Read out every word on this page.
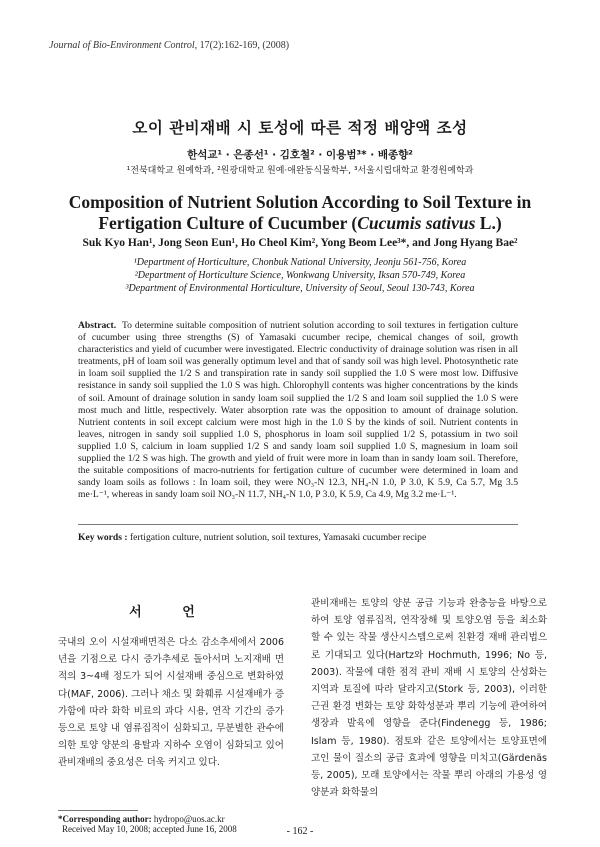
Journal of Bio-Environment Control, 17(2):162-169, (2008)
오이 관비재배 시 토성에 따른 적정 배양액 조성
한석교¹ · 은종선¹ · 김호철² · 이용범³* · 배종향²
¹전북대학교 원예학과, ²원광대학교 원예·애완동식물학부, ³서울시립대학교 환경원예학과
Composition of Nutrient Solution According to Soil Texture in
Fertigation Culture of Cucumber (Cucumis sativus L.)
Suk Kyo Han¹, Jong Seon Eun¹, Ho Cheol Kim², Yong Beom Lee³*, and Jong Hyang Bae²
¹Department of Horticulture, Chonbuk National University, Jeonju 561-756, Korea
²Department of Horticulture Science, Wonkwang University, Iksan 570-749, Korea
³Department of Environmental Horticulture, University of Seoul, Seoul 130-743, Korea
Abstract. To determine suitable composition of nutrient solution according to soil textures in fertigation culture of cucumber using three strengths (S) of Yamasaki cucumber recipe, chemical changes of soil, growth characteristics and yield of cucumber were investigated. Electric conductivity of drainage solution was risen in all treatments, pH of loam soil was generally optimum level and that of sandy soil was high level. Photosynthetic rate in loam soil supplied the 1/2 S and transpiration rate in sandy soil supplied the 1.0 S were most low. Diffusive resistance in sandy soil supplied the 1.0 S was high. Chlorophyll contents was higher concentrations by the kinds of soil. Amount of drainage solution in sandy loam soil supplied the 1/2 S and loam soil supplied the 1.0 S were most much and little, respectively. Water absorption rate was the opposition to amount of drainage solution. Nutrient contents in soil except calcium were most high in the 1.0 S by the kinds of soil. Nutrient contents in leaves, nitrogen in sandy soil supplied 1.0 S, phosphorus in loam soil supplied 1/2 S, potassium in two soil supplied 1.0 S, calcium in loam supplied 1/2 S and sandy loam soil supplied 1.0 S, magnesium in loam soil supplied the 1/2 S was high. The growth and yield of fruit were more in loam than in sandy loam soil. Therefore, the suitable compositions of macro-nutrients for fertigation culture of cucumber were determined in loam and sandy loam soils as follows : In loam soil, they were NO₃-N 12.3, NH₄-N 1.0, P 3.0, K 5.9, Ca 5.7, Mg 3.5 me·L⁻¹, whereas in sandy loam soil NO₃-N 11.7, NH₄-N 1.0, P 3.0, K 5.9, Ca 4.9, Mg 3.2 me·L⁻¹.
Key words : fertigation culture, nutrient solution, soil textures, Yamasaki cucumber recipe
서 언
국내의 오이 시설재배면적은 다소 감소추세에서 2006년을 기점으로 다시 증가추세로 돌아서며 노지재배 면적의 3~4배 정도가 되어 시설재배 중심으로 변화하였다(MAF, 2006). 그러나 채소 및 화훼류 시설재배가 증가함에 따라 화학 비료의 과다 시용, 연작 기간의 증가 등으로 토양 내 염류집적이 심화되고, 무분별한 관수에 의한 토양 양분의 용탈과 지하수 오염이 심화되고 있어 관비재배의 중요성은 더욱 커지고 있다.
관비재배는 토양의 양분 공급 기능과 완충능을 바탕으로 하여 토양 염류집적, 연작장해 및 토양오염 등을 최소화 할 수 있는 작물 생산시스템으로써 친환경 재배 관리법으로 기대되고 있다(Hartz와 Hochmuth, 1996; No 등, 2003). 작물에 대한 점적 관비 재배 시 토양의 산성화는 지역과 토질에 따라 달라지고(Stork 등, 2003), 이러한 근권 환경 변화는 토양 화학성분과 뿌리 기능에 관여하여 생장과 발육에 영향을 준다(Findenegg 등, 1986; Islam 등, 1980). 점토와 같은 토양에서는 토양표면에 고인 물이 질소의 공급 효과에 영향을 미치고(Gärdenäs 등, 2005), 모래 토양에서는 작물 뿌리 아래의 가용성 영양분과 화학물의
*Corresponding author: hydropo@uos.ac.kr
Received May 10, 2008; accepted June 16, 2008	- 162 -
